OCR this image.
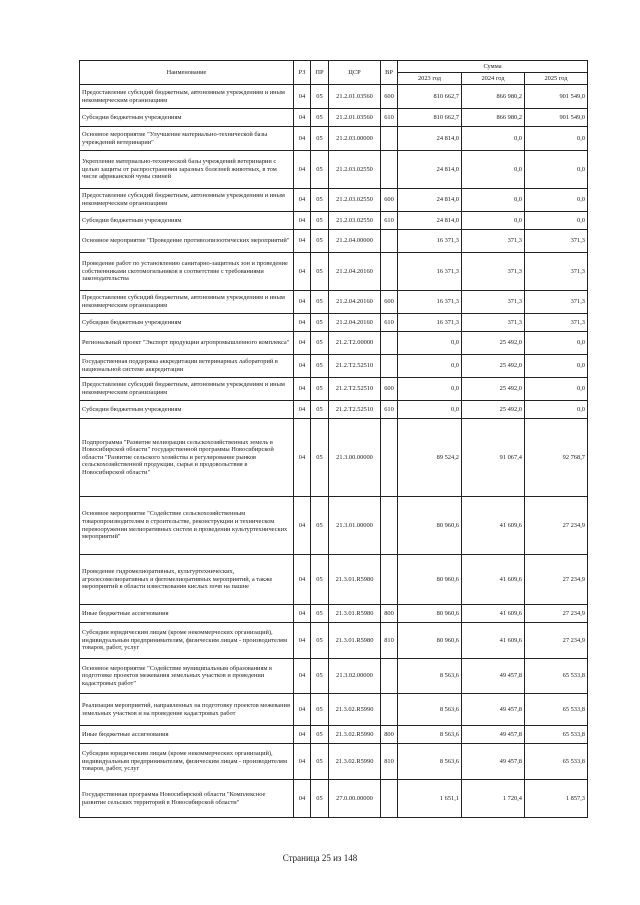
Наименование	РЗ	ПР	ЦСР	ВР	Сумма		
					2023 год	2024 год	2025 год
Предоставление субсидий бюджетным, автономным учреждениям и иным некоммерческим организациям	04	05	21.2.01.03560	600	810 662,7	866 980,2	901 549,0
Субсидии бюджетным учреждениям	04	05	21.2.01.03560	610	810 662,7	866 980,2	901 549,0
Основное мероприятие "Улучшение материально-технической базы учреждений ветеринарии"	04	05	21.2.03.00000		24 814,0	0,0	0,0
Укрепление материально-технической базы учреждений ветеринарии с целью защиты от распространения заразных болезней животных, в том числе африканской чумы свиней	04	05	21.2.03.02550		24 814,0	0,0	0,0
Предоставление субсидий бюджетным, автономным учреждениям и иным некоммерческим организациям	04	05	21.2.03.02550	600	24 814,0	0,0	0,0
Субсидии бюджетным учреждениям	04	05	21.2.03.02550	610	24 814,0	0,0	0,0
Основное мероприятие "Проведение противоэпизоотических мероприятий"	04	05	21.2.04.00000		16 371,3	371,3	371,3
Проведение работ по установлению санитарно-защитных зон и проведение собственниками скотомогильников в соответствие с требованиями законодательства	04	05	21.2.04.20160		16 371,3	371,3	371,3
Предоставление субсидий бюджетным, автономным учреждениям и иным некоммерческим организациям	04	05	21.2.04.20160	600	16 371,3	371,3	371,3
Субсидии бюджетным учреждениям	04	05	21.2.04.20160	610	16 371,3	371,3	371,3
Региональный проект "Экспорт продукции агропромышленного комплекса"	04	05	21.2.T2.00000		0,0	25 492,0	0,0
Государственная поддержка аккредитации ветеринарных лабораторий в национальной системе аккредитации	04	05	21.2.T2.52510		0,0	25 492,0	0,0
Предоставление субсидий бюджетным, автономным учреждениям и иным некоммерческим организациям	04	05	21.2.T2.52510	600	0,0	25 492,0	0,0
Субсидии бюджетным учреждениям	04	05	21.2.T2.52510	610	0,0	25 492,0	0,0
Подпрограмма "Развитие мелиорации сельскохозяйственных земель в Новосибирской области" государственной программы Новосибирской области "Развитие сельского хозяйства и регулирование рынков сельскохозяйственной продукции, сырья и продовольствия в Новосибирской области"	04	05	21.3.00.00000		89 524,2	91 067,4	92 768,7
Основное мероприятие "Содействие сельскохозяйственным товаропроизводителям в строительстве, реконструкции и техническом перевооружении мелиоративных систем и проведении культуртехнических мероприятий"	04	05	21.3.01.00000		80 960,6	41 609,6	27 234,9
Проведение гидромелиоративных, культуртехнических, агролесомелиоративных и фитомелиоративных мероприятий, а также мероприятий в области известкования кислых почв на пашне	04	05	21.3.01.R5980		80 960,6	41 609,6	27 234,9
Иные бюджетные ассигнования	04	05	21.3.01.R5980	800	80 960,6	41 609,6	27 234,9
Субсидии юридическим лицам (кроме некоммерческих организаций), индивидуальным предпринимателям, физическим лицам - производителям товаров, работ, услуг	04	05	21.3.01.R5980	810	80 960,6	41 609,6	27 234,9
Основное мероприятие "Содействие муниципальным образованиям в подготовке проектов межевания земельных участков и проведении кадастровых работ"	04	05	21.3.02.00000		8 563,6	49 457,8	65 533,8
Реализация мероприятий, направленных на подготовку проектов межевания земельных участков и на проведение кадастровых работ	04	05	21.3.02.R5990		8 563,6	49 457,8	65 533,8
Иные бюджетные ассигнования	04	05	21.3.02.R5990	800	8 563,6	49 457,8	65 533,8
Субсидии юридическим лицам (кроме некоммерческих организаций), индивидуальным предпринимателям, физическим лицам - производителям товаров, работ, услуг	04	05	21.3.02.R5990	810	8 563,6	49 457,8	65 533,8
Государственная программа Новосибирской области "Комплексное развитие сельских территорий в Новосибирской области"	04	05	27.0.00.00000		1 651,1	1 720,4	1 857,3
Страница 25 из 148
